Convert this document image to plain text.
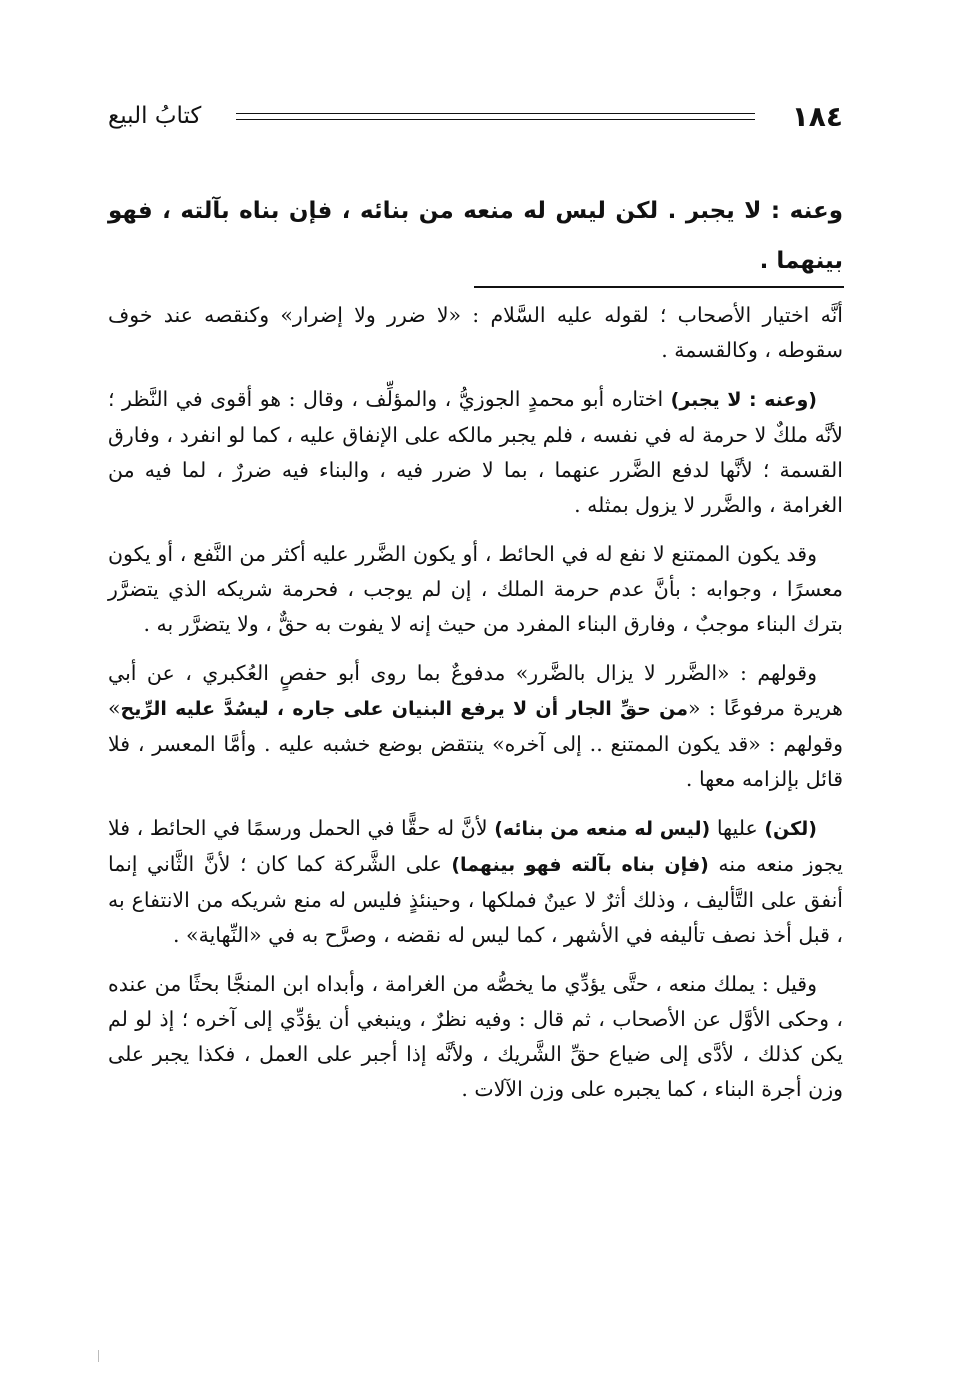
١٨٤
كتابُ البيع
وعنه : لا يجبر . لكن ليس له منعه من بنائه ، فإن بناه بآلته ، فهو بينهما .

أنَّه اختيار الأصحاب ؛ لقوله عليه السَّلام : «لا ضرر ولا إضرار» وكنقصه عند خوف سقوطه ، وكالقسمة .

(وعنه : لا يجبر) اختاره أبو محمدٍ الجوزيُّ ، والمؤلِّف ، وقال : هو أقوى في النَّظر ؛ لأنَّه ملكٌ لا حرمة له في نفسه ، فلم يجبر مالكه على الإنفاق عليه ، كما لو انفرد ، وفارق القسمة ؛ لأنَّها لدفع الضَّرر عنهما ، بما لا ضرر فيه ، والبناء فيه ضررٌ ، لما فيه من الغرامة ، والضَّرر لا يزول بمثله .

وقد يكون الممتنع لا نفع له في الحائط ، أو يكون الضَّرر عليه أكثر من النَّفع ، أو يكون معسرًا ، وجوابه : بأنَّ عدم حرمة الملك ، إن لم يوجب ، فحرمة شريكه الذي يتضرَّر بترك البناء موجبٌ ، وفارق البناء المفرد من حيث إنه لا يفوت به حقٌّ ، ولا يتضرَّر به .

وقولهم : «الضَّرر لا يزال بالضَّرر» مدفوعٌ بما روى أبو حفصٍ العُكبري ، عن أبي هريرة مرفوعًا : «من حقِّ الجار أن لا يرفع البنيان على جاره ، ليسُدَّ عليه الرِّيح» وقولهم : «قد يكون الممتنع .. إلى آخره» ينتقض بوضع خشبه عليه . وأمَّا المعسر ، فلا قائل بإلزامه معها .

(لكن) عليها (ليس له منعه من بنائه) لأنَّ له حقًّا في الحمل ورسمًا في الحائط ، فلا يجوز منعه منه (فإن بناه بآلته فهو بينهما) على الشَّركة كما كان ؛ لأنَّ الثَّاني إنما أنفق على التَّأليف ، وذلك أثرٌ لا عينٌ فملكها ، وحينئذٍ فليس له منع شريكه من الانتفاع به ، قبل أخذ نصف تأليفه في الأشهر ، كما ليس له نقضه ، وصرَّح به في «النِّهاية» .

وقيل : يملك منعه ، حتَّى يؤدِّي ما يخصُّه من الغرامة ، وأبداه ابن المنجَّا بحثًا من عنده ، وحكى الأوَّل عن الأصحاب ، ثم قال : وفيه نظرٌ ، وينبغي أن يؤدِّي إلى آخره ؛ إذ لو لم يكن كذلك ، لأدَّى إلى ضياع حقِّ الشَّريك ، ولأنَّه إذا أجبر على العمل ، فكذا يجبر على وزن أجرة البناء ، كما يجبره على وزن الآلات .
